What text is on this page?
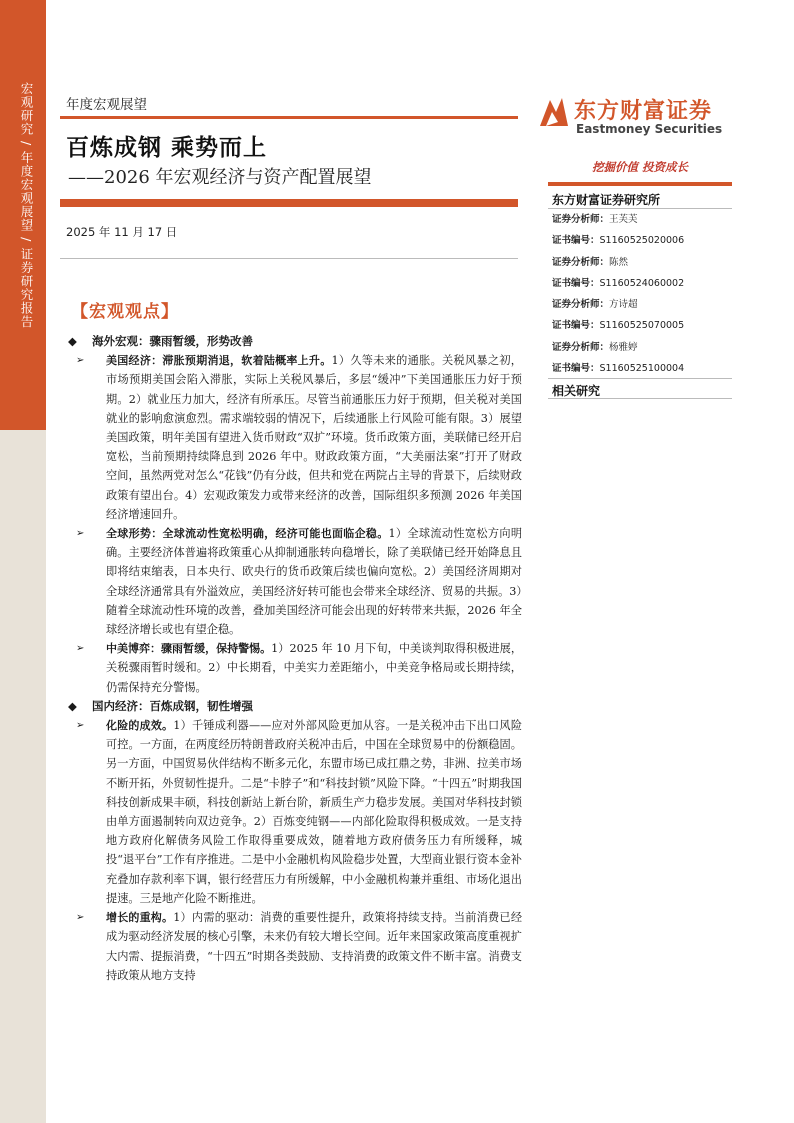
宏观研究 / 年度宏观展望 / 证券研究报告 年度宏观展望
百炼成钢 乘势而上
——2026 年宏观经济与资产配置展望
2025 年 11 月 17 日
东方财富证券
Eastmoney Securities
挖掘价值 投资成长
东方财富证券研究所
证券分析师：王芙芙
证书编号：S1160525020006
证券分析师：陈然
证书编号：S1160524060002
证券分析师：方诗超
证书编号：S1160525070005
证券分析师：杨雅婷
证书编号：S1160525100004
相关研究
【宏观观点】
◆ 海外宏观：骤雨暂缓，形势改善
➢ 美国经济：滞胀预期消退，软着陆概率上升。1）久等未来的通胀。关税风暴之初，市场预期美国会陷入滞胀，实际上关税风暴后，多层“缓冲”下美国通胀压力好于预期。2）就业压力加大，经济有所承压。尽管当前通胀压力好于预期，但关税对美国就业的影响愈演愈烈。需求端较弱的情况下，后续通胀上行风险可能有限。3）展望美国政策，明年美国有望进入货币财政“双扩”环境。货币政策方面，美联储已经开启宽松，当前预期持续降息到 2026 年中。财政政策方面，“大美丽法案”打开了财政空间，虽然两党对怎么“花钱”仍有分歧，但共和党在两院占主导的背景下，后续财政政策有望出台。4）宏观政策发力或带来经济的改善，国际组织多预测 2026 年美国经济增速回升。
➢ 全球形势：全球流动性宽松明确，经济可能也面临企稳。1）全球流动性宽松方向明确。主要经济体普遍将政策重心从抑制通胀转向稳增长，除了美联储已经开始降息且即将结束缩表，日本央行、欧央行的货币政策后续也偏向宽松。2）美国经济周期对全球经济通常具有外溢效应，美国经济好转可能也会带来全球经济、贸易的共振。3）随着全球流动性环境的改善，叠加美国经济可能会出现的好转带来共振，2026 年全球经济增长或也有望企稳。
➢ 中美博弈：骤雨暂缓，保持警惕。1）2025 年 10 月下旬，中美谈判取得积极进展，关税骤雨暂时缓和。2）中长期看，中美实力差距缩小，中美竞争格局或长期持续，仍需保持充分警惕。
◆ 国内经济：百炼成钢，韧性增强
➢ 化险的成效。1）千锤成利器——应对外部风险更加从容。一是关税冲击下出口风险可控。一方面，在两度经历特朗普政府关税冲击后，中国在全球贸易中的份额稳固。另一方面，中国贸易伙伴结构不断多元化，东盟市场已成扛鼎之势，非洲、拉美市场不断开拓，外贸韧性提升。二是“卡脖子”和“科技封锁”风险下降。“十四五”时期我国科技创新成果丰硕，科技创新站上新台阶，新质生产力稳步发展。美国对华科技封锁由单方面遏制转向双边竞争。2）百炼变纯钢——内部化险取得积极成效。一是支持地方政府化解债务风险工作取得重要成效，随着地方政府债务压力有所缓释，城投“退平台”工作有序推进。二是中小金融机构风险稳步处置，大型商业银行资本金补充叠加存款利率下调，银行经营压力有所缓解，中小金融机构兼并重组、市场化退出提速。三是地产化险不断推进。
➢ 增长的重构。1）内需的驱动：消费的重要性提升，政策将持续支持。当前消费已经成为驱动经济发展的核心引擎，未来仍有较大增长空间。近年来国家政策高度重视扩大内需、提振消费，“十四五”时期各类鼓励、支持消费的政策文件不断丰富。消费支持政策从地方支持
